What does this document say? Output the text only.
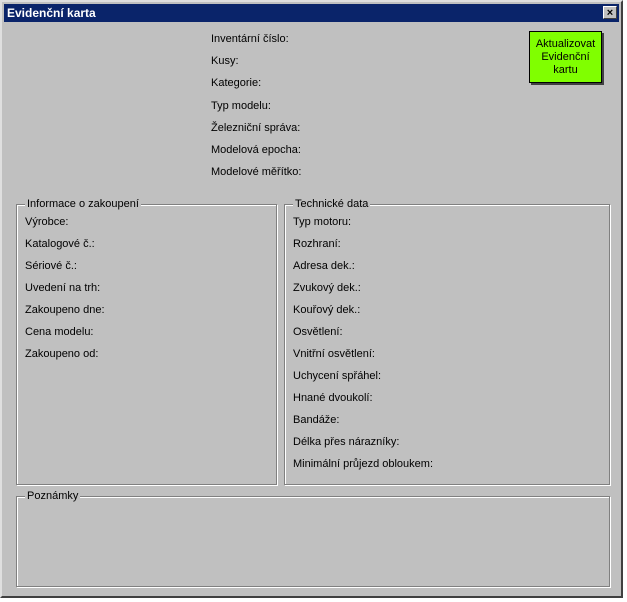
Evidenční karta	×
Inventární číslo:
Kusy:
Kategorie:
Typ modelu:
Železniční správa:
Modelová epocha:
Modelové měřítko:
Aktualizovat
Evidenční
kartu
Informace o zakoupení
Výrobce:
Katalogové č.:
Sériové č.:
Uvedení na trh:
Zakoupeno dne:
Cena modelu:
Zakoupeno od:
Technické data
Typ motoru:
Rozhraní:
Adresa dek.:
Zvukový dek.:
Kouřový dek.:
Osvětlení:
Vnitřní osvětlení:
Uchycení spřáhel:
Hnané dvoukolí:
Bandáže:
Délka přes nárazníky:
Minimální průjezd obloukem:
Poznámky
